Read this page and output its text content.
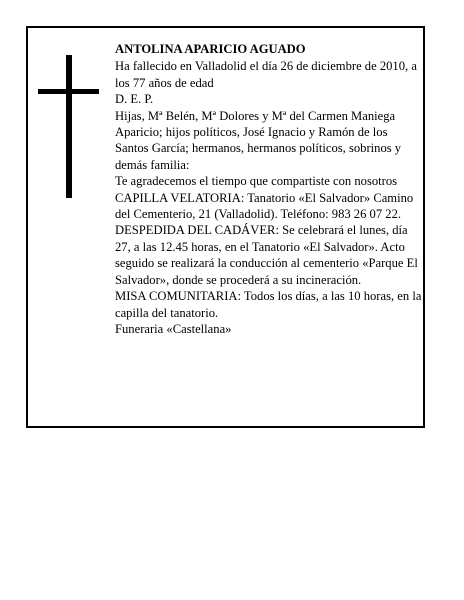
ANTOLINA APARICIO AGUADO

Ha fallecido en Valladolid el día 26 de diciembre de 2010, a los 77 años de edad

D. E. P.

Hijas, Mª Belén, Mª Dolores y Mª del Carmen Maniega Aparicio; hijos políticos, José Ignacio y Ramón de los Santos García; hermanos, hermanos políticos, sobrinos y demás familia:

Te agradecemos el tiempo que compartiste con nosotros

CAPILLA VELATORIA: Tanatorio «El Salvador» Camino del Cementerio, 21 (Valladolid). Teléfono: 983 26 07 22.

DESPEDIDA DEL CADÁVER: Se celebrará el lunes, día 27, a las 12.45 horas, en el Tanatorio «El Salvador». Acto seguido se realizará la conducción al cementerio «Parque El Salvador», donde se procederá a su incineración.

MISA COMUNITARIA: Todos los días, a las 10 horas, en la capilla del tanatorio.

Funeraria «Castellana»
